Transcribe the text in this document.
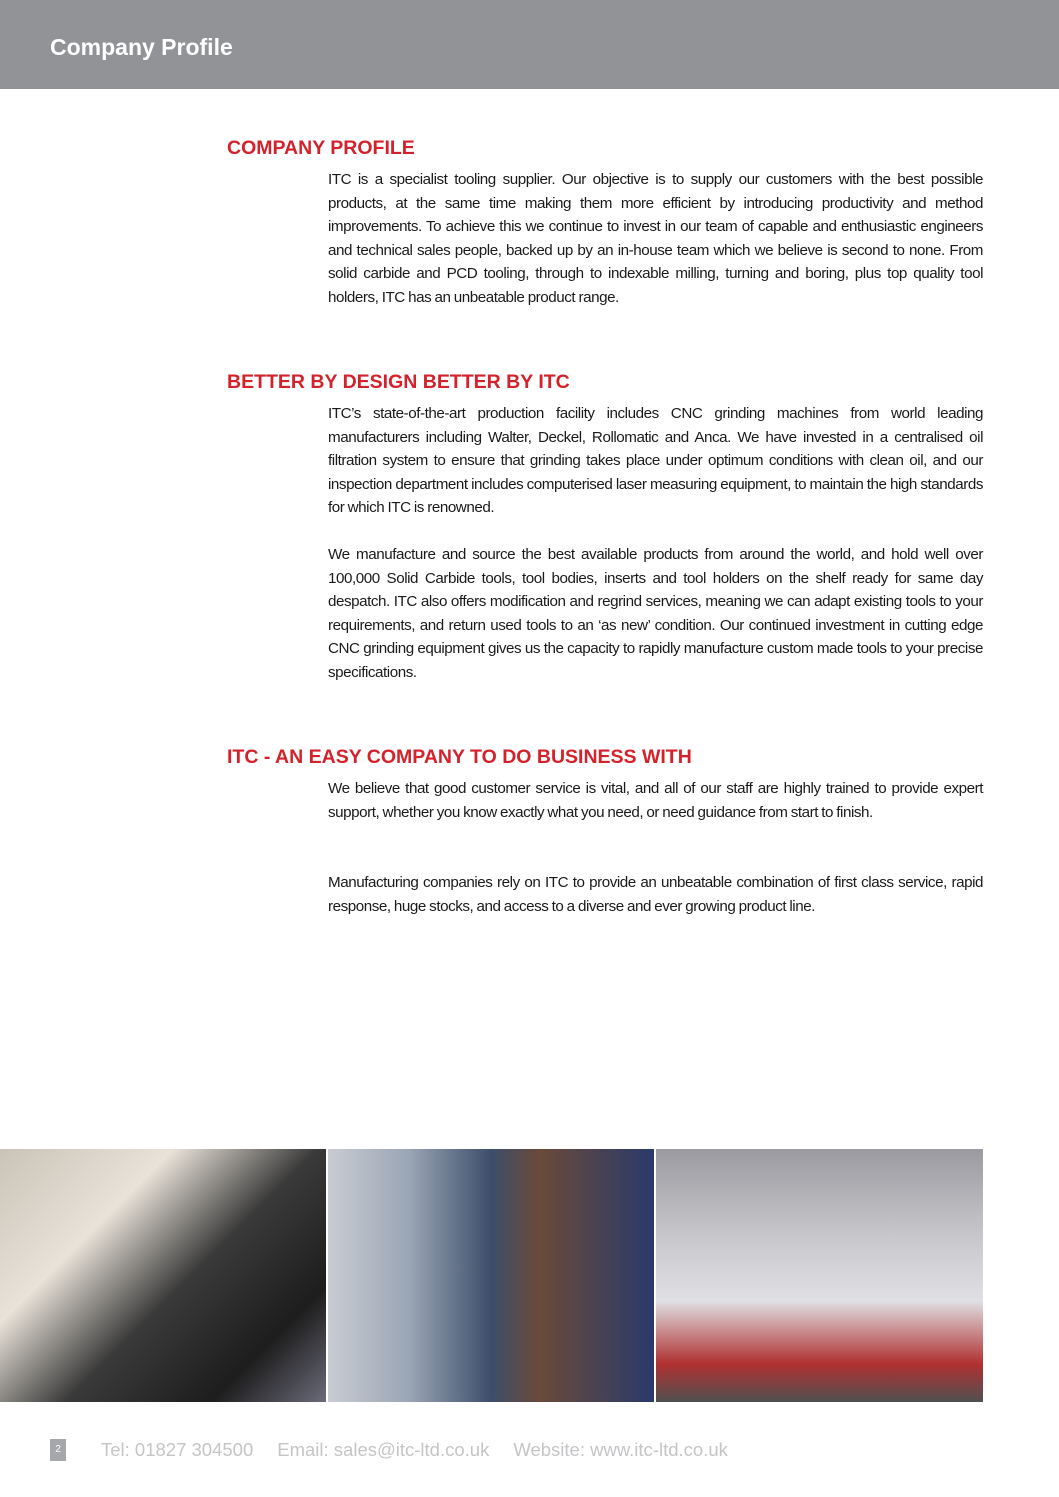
Company Profile
COMPANY PROFILE
ITC is a specialist tooling supplier. Our objective is to supply our customers with the best possible products, at the same time making them more efficient by introducing productivity and method improvements. To achieve this we continue to invest in our team of capable and enthusiastic engineers and technical sales people, backed up by an in-house team which we believe is second to none. From solid carbide and PCD tooling, through to indexable milling, turning and boring, plus top quality tool holders, ITC has an unbeatable product range.
BETTER BY DESIGN BETTER BY ITC
ITC’s state-of-the-art production facility includes CNC grinding machines from world leading manufacturers including Walter, Deckel, Rollomatic and Anca. We have invested in a centralised oil filtration system to ensure that grinding takes place under optimum conditions with clean oil, and our inspection department includes computerised laser measuring equipment, to maintain the high standards for which ITC is renowned.
We manufacture and source the best available products from around the world, and hold well over 100,000 Solid Carbide tools, tool bodies, inserts and tool holders on the shelf ready for same day despatch. ITC also offers modification and regrind services, meaning we can adapt existing tools to your requirements, and return used tools to an ‘as new’ condition. Our continued investment in cutting edge CNC grinding equipment gives us the capacity to rapidly manufacture custom made tools to your precise specifications.
ITC - AN EASY COMPANY TO DO BUSINESS WITH
We believe that good customer service is vital, and all of our staff are highly trained to provide expert support, whether you know exactly what you need, or need guidance from start to finish.
Manufacturing companies rely on ITC to provide an unbeatable combination of first class service, rapid response, huge stocks, and access to a diverse and ever growing product line.
2 Tel: 01827 304500 Email: sales@itc-ltd.co.uk Website: www.itc-ltd.co.uk
